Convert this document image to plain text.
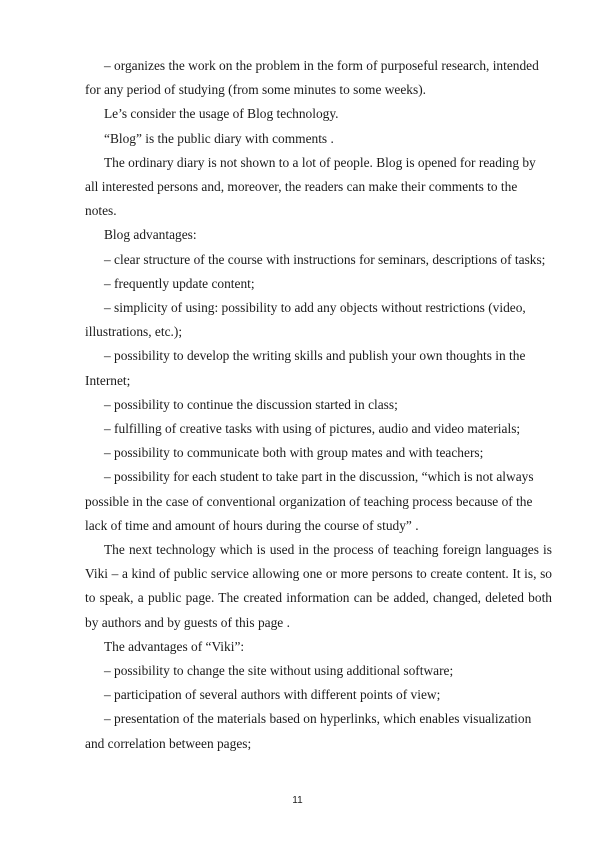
– organizes the work on the problem in the form of purposeful research, intended for any period of studying (from some minutes to some weeks).

Le’s consider the usage of Blog technology.

“Blog” is the public diary with comments .

The ordinary diary is not shown to a lot of people. Blog is opened for reading by all interested persons and, moreover, the readers can make their comments to the notes.

Blog advantages:

– clear structure of the course with instructions for seminars, descriptions of tasks;

– frequently update content;

– simplicity of using: possibility to add any objects without restrictions (video, illustrations, etc.);

– possibility to develop the writing skills and publish your own thoughts in the Internet;

– possibility to continue the discussion started in class;

– fulfilling of creative tasks with using of pictures, audio and video materials;

– possibility to communicate both with group mates and with teachers;

– possibility for each student to take part in the discussion, “which is not always possible in the case of conventional organization of teaching process because of the lack of time and amount of hours during the course of study” .

The next technology which is used in the process of teaching foreign languages is Viki – a kind of public service allowing one or more persons to create content. It is, so to speak, a public page. The created information can be added, changed, deleted both by authors and by guests of this page .

The advantages of “Viki”:

– possibility to change the site without using additional software;

– participation of several authors with different points of view;

– presentation of the materials based on hyperlinks, which enables visualization and correlation between pages;

11
